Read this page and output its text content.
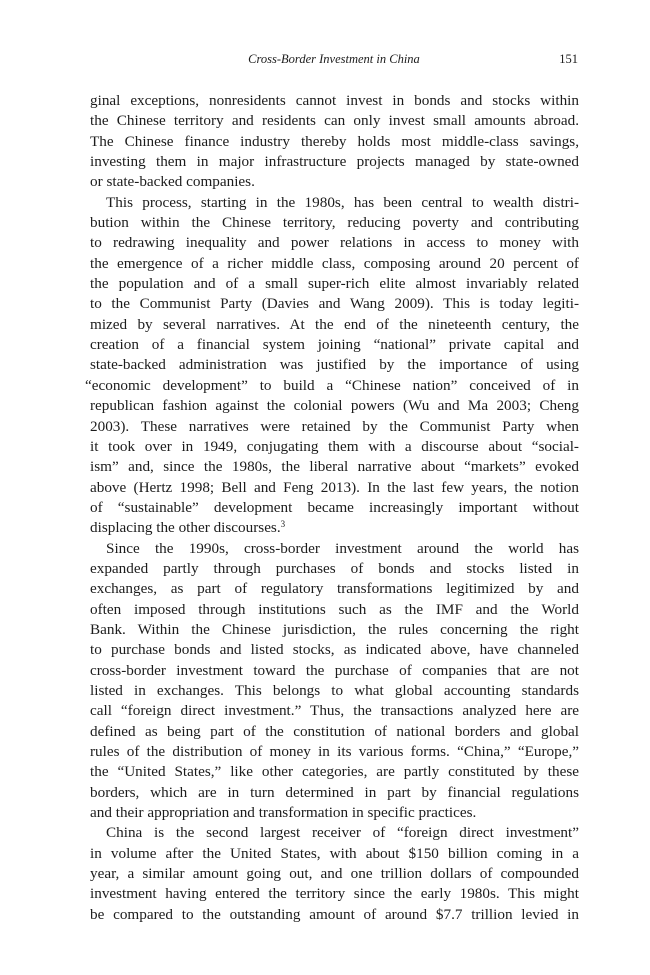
Cross-Border Investment in China	151
ginal exceptions, nonresidents cannot invest in bonds and stocks within
the Chinese territory and residents can only invest small amounts abroad.
The Chinese finance industry thereby holds most middle-class savings,
investing them in major infrastructure projects managed by state-owned
or state-backed companies.
This process, starting in the 1980s, has been central to wealth distri-
bution within the Chinese territory, reducing poverty and contributing
to redrawing inequality and power relations in access to money with
the emergence of a richer middle class, composing around 20 percent of
the population and of a small super-rich elite almost invariably related
to the Communist Party (Davies and Wang 2009). This is today legiti-
mized by several narratives. At the end of the nineteenth century, the
creation of a financial system joining “national” private capital and
state-backed administration was justified by the importance of using
“economic development” to build a “Chinese nation” conceived of in
republican fashion against the colonial powers (Wu and Ma 2003; Cheng
2003). These narratives were retained by the Communist Party when
it took over in 1949, conjugating them with a discourse about “social-
ism” and, since the 1980s, the liberal narrative about “markets” evoked
above (Hertz 1998; Bell and Feng 2013). In the last few years, the notion
of “sustainable” development became increasingly important without
displacing the other discourses.$^3$
Since the 1990s, cross-border investment around the world has
expanded partly through purchases of bonds and stocks listed in
exchanges, as part of regulatory transformations legitimized by and
often imposed through institutions such as the IMF and the World
Bank. Within the Chinese jurisdiction, the rules concerning the right
to purchase bonds and listed stocks, as indicated above, have channeled
cross-border investment toward the purchase of companies that are not
listed in exchanges. This belongs to what global accounting standards
call “foreign direct investment.” Thus, the transactions analyzed here are
defined as being part of the constitution of national borders and global
rules of the distribution of money in its various forms. “China,” “Europe,”
the “United States,” like other categories, are partly constituted by these
borders, which are in turn determined in part by financial regulations
and their appropriation and transformation in specific practices.
China is the second largest receiver of “foreign direct investment”
in volume after the United States, with about $150 billion coming in a
year, a similar amount going out, and one trillion dollars of compounded
investment having entered the territory since the early 1980s. This might
be compared to the outstanding amount of around $7.7 trillion levied in
